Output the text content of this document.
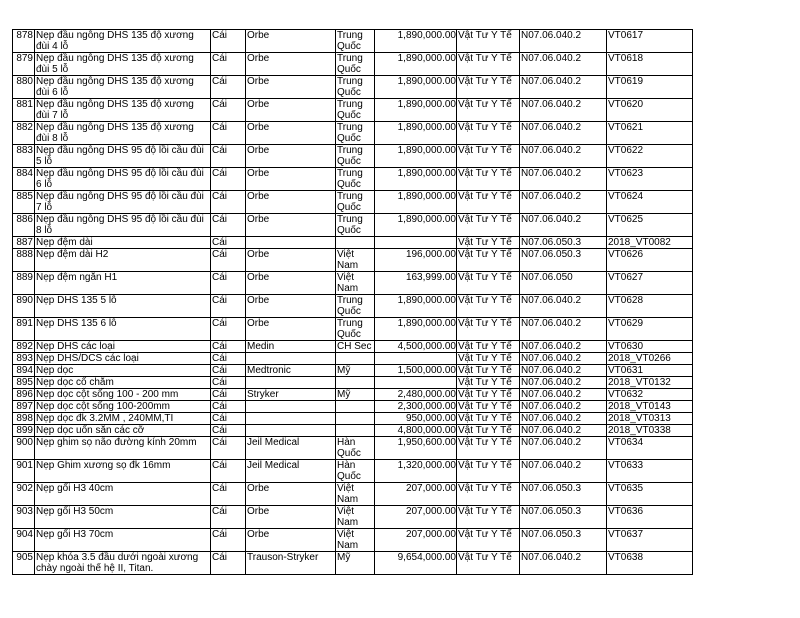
878	Nẹp đầu ngỗng DHS 135 độ xương đùi 4 lỗ	Cái	Orbe	Trung Quốc	1,890,000.00	Vật Tư Y Tế	N07.06.040.2	VT0617
879	Nẹp đầu ngỗng DHS 135 độ xương đùi 5 lỗ	Cái	Orbe	Trung Quốc	1,890,000.00	Vật Tư Y Tế	N07.06.040.2	VT0618
880	Nẹp đầu ngỗng DHS 135 độ xương đùi 6 lỗ	Cái	Orbe	Trung Quốc	1,890,000.00	Vật Tư Y Tế	N07.06.040.2	VT0619
881	Nẹp đầu ngỗng DHS 135 độ xương đùi 7 lỗ	Cái	Orbe	Trung Quốc	1,890,000.00	Vật Tư Y Tế	N07.06.040.2	VT0620
882	Nẹp đầu ngỗng DHS 135 độ xương đùi 8 lỗ	Cái	Orbe	Trung Quốc	1,890,000.00	Vật Tư Y Tế	N07.06.040.2	VT0621
883	Nẹp đầu ngỗng DHS 95 độ lồi cầu đùi 5 lỗ	Cái	Orbe	Trung Quốc	1,890,000.00	Vật Tư Y Tế	N07.06.040.2	VT0622
884	Nẹp đầu ngỗng DHS 95 độ lồi cầu đùi 6 lỗ	Cái	Orbe	Trung Quốc	1,890,000.00	Vật Tư Y Tế	N07.06.040.2	VT0623
885	Nẹp đầu ngỗng DHS 95 độ lồi cầu đùi 7 lỗ	Cái	Orbe	Trung Quốc	1,890,000.00	Vật Tư Y Tế	N07.06.040.2	VT0624
886	Nẹp đầu ngỗng DHS 95 độ lồi cầu đùi 8 lỗ	Cái	Orbe	Trung Quốc	1,890,000.00	Vật Tư Y Tế	N07.06.040.2	VT0625
887	Nẹp đệm dài	Cái				Vật Tư Y Tế	N07.06.050.3	2018_VT0082
888	Nẹp đệm dài H2	Cái	Orbe	Việt Nam	196,000.00	Vật Tư Y Tế	N07.06.050.3	VT0626
889	Nẹp đệm ngắn H1	Cái	Orbe	Việt Nam	163,999.00	Vật Tư Y Tế	N07.06.050	VT0627
890	Nẹp DHS 135 5 lỗ	Cái	Orbe	Trung Quốc	1,890,000.00	Vật Tư Y Tế	N07.06.040.2	VT0628
891	Nẹp DHS 135 6 lỗ	Cái	Orbe	Trung Quốc	1,890,000.00	Vật Tư Y Tế	N07.06.040.2	VT0629
892	Nẹp DHS các loại	Cái	Medin	CH Sec	4,500,000.00	Vật Tư Y Tế	N07.06.040.2	VT0630
893	Nẹp DHS/DCS các loại	Cái				Vật Tư Y Tế	N07.06.040.2	2018_VT0266
894	Nẹp dọc	Cái	Medtronic	Mỹ	1,500,000.00	Vật Tư Y Tế	N07.06.040.2	VT0631
895	Nẹp dọc cổ chắm	Cái				Vật Tư Y Tế	N07.06.040.2	2018_VT0132
896	Nẹp dọc cột sống 100 - 200 mm	Cái	Stryker	Mỹ	2,480,000.00	Vật Tư Y Tế	N07.06.040.2	VT0632
897	Nẹp dọc cột sống 100-200mm	Cái			2,300,000.00	Vật Tư Y Tế	N07.06.040.2	2018_VT0143
898	Nẹp dọc đk 3.2MM , 240MM,TI	Cái			950,000.00	Vật Tư Y Tế	N07.06.040.2	2018_VT0313
899	Nẹp dọc uốn sẵn các cỡ	Cái			4,800,000.00	Vật Tư Y Tế	N07.06.040.2	2018_VT0338
900	Nẹp ghim sọ não đường kính 20mm	Cái	Jeil Medical	Hàn Quốc	1,950,600.00	Vật Tư Y Tế	N07.06.040.2	VT0634
901	Nẹp Ghim xương sọ đk 16mm	Cái	Jeil Medical	Hàn Quốc	1,320,000.00	Vật Tư Y Tế	N07.06.040.2	VT0633
902	Nẹp gối H3 40cm	Cái	Orbe	Việt Nam	207,000.00	Vật Tư Y Tế	N07.06.050.3	VT0635
903	Nẹp gối H3 50cm	Cái	Orbe	Việt Nam	207,000.00	Vật Tư Y Tế	N07.06.050.3	VT0636
904	Nẹp gối H3 70cm	Cái	Orbe	Việt Nam	207,000.00	Vật Tư Y Tế	N07.06.050.3	VT0637
905	Nẹp khóa 3.5 đầu dưới ngoài xương chày ngoài thế hệ II, Titan.	Cái	Trauson-Stryker	Mỹ	9,654,000.00	Vật Tư Y Tế	N07.06.040.2	VT0638
